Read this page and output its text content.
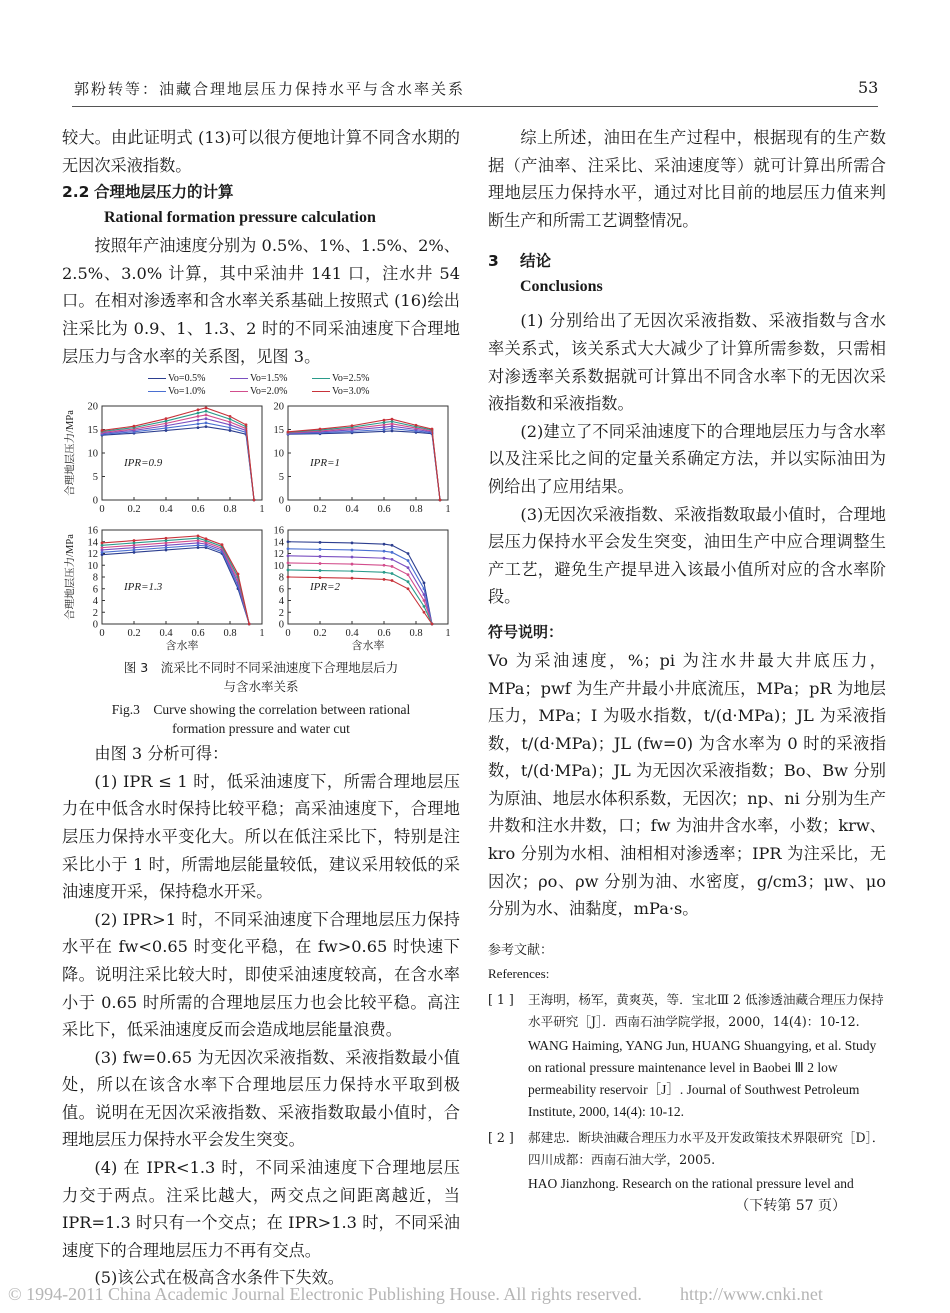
郭粉转等：油藏合理地层压力保持水平与含水率关系	53

较大。由此证明式 (13)可以很方便地计算不同含水期的无因次采液指数。

2.2 合理地层压力的计算

Rational formation pressure calculation

按照年产油速度分别为 0.5%、1%、1.5%、2%、2.5%、3.0% 计算，其中采油井 141 口，注水井 54 口。在相对渗透率和含水率关系基础上按照式 (16)绘出注采比为 0.9、1、1.3、2 时的不同采油速度下合理地层压力与含水率的关系图，见图 3。

Vo=0.5%	Vo=1.5%	Vo=2.5%
Vo=1.0%	Vo=2.0%	Vo=3.0%
0
5
10
15
20
0 0.2 0.4 0.6 0.8 1
IPR=0.9
合理地层压力/MPa
0
5
10
15
20
0 0.2 0.4 0.6 0.8 1
IPR=1
0
2
4
6
8
10
12
14
16
0 0.2 0.4 0.6 0.8 1
IPR=1.3
合理地层压力/MPa
含水率
0
2
4
6
8
10
12
14
16
0 0.2 0.4 0.6 0.8 1
IPR=2
含水率

图 3　流采比不同时不同采油速度下合理地层后力
与含水率关系

Fig.3　Curve showing the correlation between rational
formation pressure and water cut

由图 3 分析可得：

(1) IPR ≤ 1 时，低采油速度下，所需合理地层压力在中低含水时保持比较平稳；高采油速度下，合理地层压力保持水平变化大。所以在低注采比下，特别是注采比小于 1 时，所需地层能量较低，建议采用较低的采油速度开采，保持稳水开采。

(2) IPR>1 时，不同采油速度下合理地层压力保持水平在 fw<0.65 时变化平稳，在 fw>0.65 时快速下降。说明注采比较大时，即使采油速度较高，在含水率小于 0.65 时所需的合理地层压力也会比较平稳。高注采比下，低采油速度反而会造成地层能量浪费。

(3) fw=0.65 为无因次采液指数、采液指数最小值处，所以在该含水率下合理地层压力保持水平取到极值。说明在无因次采液指数、采液指数取最小值时，合理地层压力保持水平会发生突变。

(4) 在 IPR<1.3 时，不同采油速度下合理地层压力交于两点。注采比越大，两交点之间距离越近，当 IPR=1.3 时只有一个交点；在 IPR>1.3 时，不同采油速度下的合理地层压力不再有交点。

(5)该公式在极高含水条件下失效。

综上所述，油田在生产过程中，根据现有的生产数据（产油率、注采比、采油速度等）就可计算出所需合理地层压力保持水平，通过对比目前的地层压力值来判断生产和所需工艺调整情况。

3 结论

Conclusions

(1) 分别给出了无因次采液指数、采液指数与含水率关系式，该关系式大大减少了计算所需参数，只需相对渗透率关系数据就可计算出不同含水率下的无因次采液指数和采液指数。

(2)建立了不同采油速度下的合理地层压力与含水率以及注采比之间的定量关系确定方法，并以实际油田为例给出了应用结果。

(3)无因次采液指数、采液指数取最小值时，合理地层压力保持水平会发生突变，油田生产中应合理调整生产工艺，避免生产提早进入该最小值所对应的含水率阶段。

符号说明：

Vo 为采油速度，%；pi 为注水井最大井底压力，MPa；pwf 为生产井最小井底流压，MPa；pR 为地层压力，MPa；I 为吸水指数，t/(d·MPa)；JL 为采液指数，t/(d·MPa)；JL (fw=0) 为含水率为 0 时的采液指数，t/(d·MPa)；JL 为无因次采液指数；Bo、Bw 分别为原油、地层水体积系数，无因次；np、ni 分别为生产井数和注水井数，口；fw 为油井含水率，小数；krw、kro 分别为水相、油相相对渗透率；IPR 为注采比，无因次；ρo、ρw 分别为油、水密度，g/cm3；μw、μo 分别为水、油黏度，mPa·s。

参考文献：

References:

[ 1 ] 王海明，杨军，黄爽英，等．宝北Ⅲ 2 低渗透油藏合理压力保持水平研究［J］．西南石油学院学报，2000，14(4)：10-12.
WANG Haiming, YANG Jun, HUANG Shuangying, et al. Study on rational pressure maintenance level in Baobei Ⅲ 2 low permeability reservoir［J］. Journal of Southwest Petroleum Institute, 2000, 14(4): 10-12.
[ 2 ] 郝建忠．断块油藏合理压力水平及开发政策技术界限研究［D］．四川成都：西南石油大学，2005.
HAO Jianzhong. Research on the rational pressure level and
（下转第 57 页）
© 1994-2011 China Academic Journal Electronic Publishing House. All rights reserved. http://www.cnki.net
